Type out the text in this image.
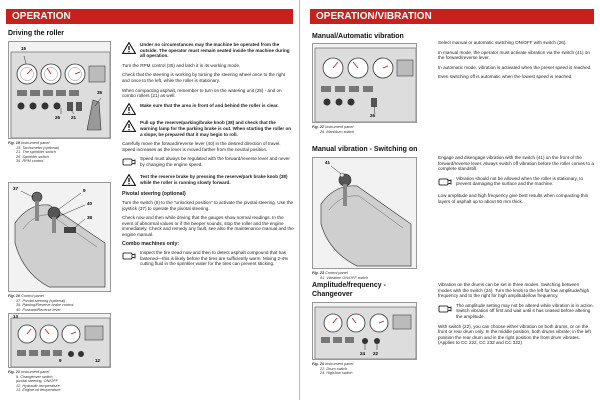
OPERATION
Driving the roller
15
26 21
35
Fig. 19 Instrument panel
15. Tachometer (optional)
21. The sprinkler switch
26. Sprinkler switch
35. RPM control
37	9
40
38
Fig. 20 Control panel
37. Pivotal steering (optional)
38. Parking/Reserve brake control
40. Forward/Reverse lever
13
9	12
Fig. 21 Instrument panel
9. Changeover switch,
pivotal steering, ON/OFF
12. Hydraulic temperature
13. Engine oil temperature
Under no circumstances may the machine be operated from the outside. The operator must remain seated inside the machine during all operation.

Turn the RPM control (35) and latch it in its working mode.

Check that the steering is working by turning the steering wheel once to the right and once to the left, while the roller is stationary.

When compacting asphalt, remember to turn on the watering unit (25) - and on combo rollers (21) as well.

Make sure that the area in front of and behind the roller is clear.
Pull up the reserve/parking/brake knob (38) and check that the warning lamp for the parking brake is out. When starting the roller on a slope, be prepared that it may begin to roll.

Carefully move the forward/reverse lever (40) in the desired direction of travel. Speed increases as the lever is moved farther from the neutral position.

Speed must always be regulated with the forward/reverse lever and never by changing the engine speed.
Test the reserve brake by pressing the reserve/park brake knob (38) while the roller is running slowly forward.
Pivotal steering (optional)

Turn the switch (9) to the "unlocked position" to activate the pivotal steering. Use the joystick (37) to operate the pivotal steering.

Check now and then while driving that the gauges show normal readings. In the event of abnormal values or if the beeper sounds, stop the roller and the engine immediately. Check and remedy any fault, see also the maintenance manual and the engine manual.

Combo machines only:
Inspect the tire tread now and then to detect asphalt compound that has fastened—this is likely before the tires are sufficiently warm. Mixing 2-4% cutting fluid in the sprinkler water for the tires can prevent sticking.
OPERATION/VIBRATION
Manual/Automatic vibration
26
Fig. 22 Instrument panel
26. Man/Auto switch

Select manual or automatic switching ON/OFF with switch (26).

In manual mode, the operator must activate vibration via the switch (41) on the forward/reverse lever.

In automatic mode, vibration is activated when the preset speed is reached.

Even switching off is automatic when the lowest speed is reached.

Manual vibration - Switching on
41
Fig. 23 Control panel
41. Vibration ON/OFF switch

Engage and disengage vibration with the switch (41) on the front of the forward/reverse lever. Always switch off vibration before the roller comes to a complete standstill.

Vibration should not be allowed when the roller is stationary, to prevent damaging the surface and the machine.

Low amplitude and high frequency give best results when compacting thin layers of asphalt up to about 50 mm thick.

Amplitude/frequency -
Changeover
24 22
Fig. 24 Instrument panel
22. Drum switch
24. High/low switch

Vibration on the drums can be set in three modes. Switching between modes with the switch (24). Turn the knob to the left for low amplitude/high frequency and to the right for high amplitude/low frequency.

The amplitude setting may not be altered while vibration is in action. Switch vibration off first and wait until it has ceased before altering the amplitude.

With switch (22), you can choose either vibration on both drums, or on the front or rear drum only. In the middle position, both drums vibrate; in the left position the rear drum and in the right position the front drum vibrates. (Applies to CC 222, CC 232 and CC 322)
